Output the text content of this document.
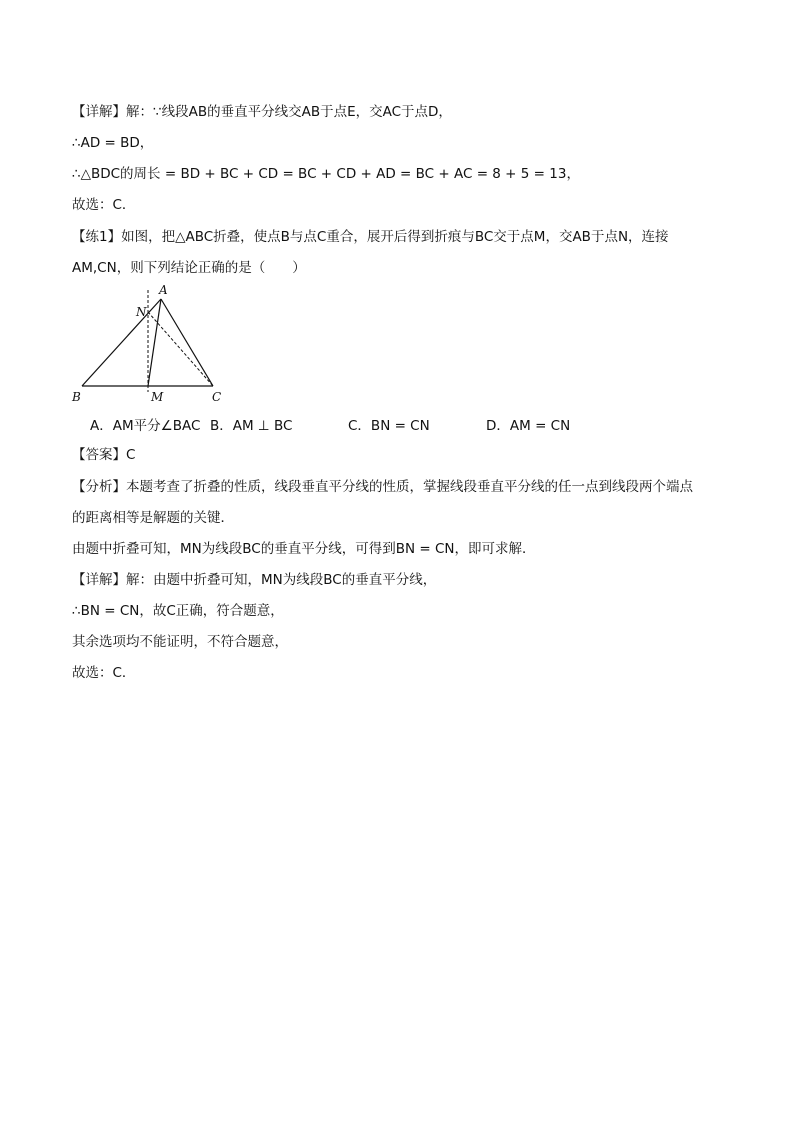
【详解】解：∵线段AB的垂直平分线交AB于点E，交AC于点D，
∴AD = BD，
∴△BDC的周长 = BD + BC + CD = BC + CD + AD = BC + AC = 8 + 5 = 13，
故选：C．
【练1】如图，把△ABC折叠，使点B与点C重合，展开后得到折痕与BC交于点M，交AB于点N，连接
AM,CN，则下列结论正确的是（　　）
A
N
B	M	C
A．AM平分∠BAC B．AM ⊥ BC	C．BN = CN	D．AM = CN
【答案】C
【分析】本题考查了折叠的性质，线段垂直平分线的性质，掌握线段垂直平分线的任一点到线段两个端点
的距离相等是解题的关键．
由题中折叠可知，MN为线段BC的垂直平分线，可得到BN = CN，即可求解．
【详解】解：由题中折叠可知，MN为线段BC的垂直平分线，
∴BN = CN，故C正确，符合题意，
其余选项均不能证明，不符合题意，
故选：C．
